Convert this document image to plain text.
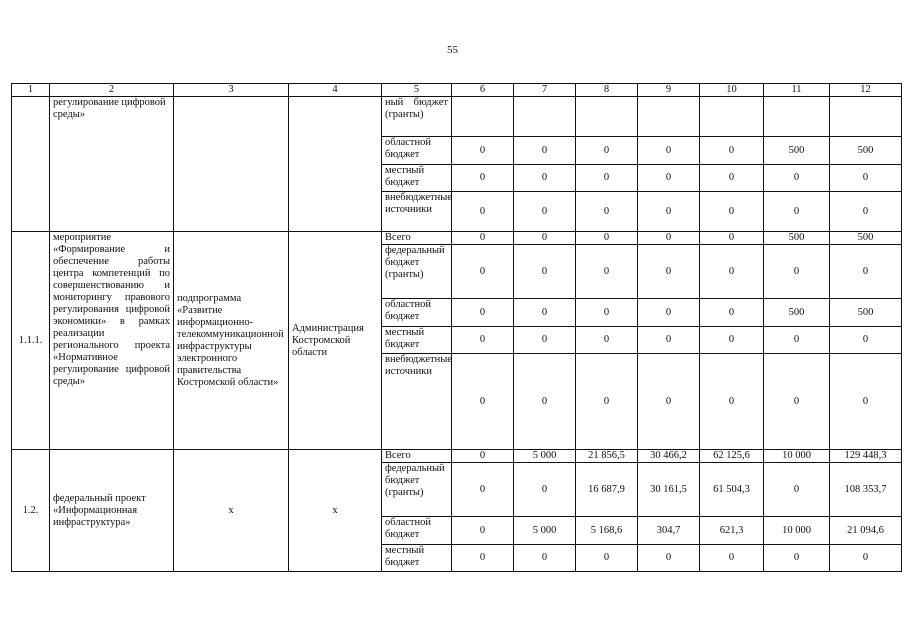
55
1	2	3	4	5	6	7	8	9	10	11	12
	регулирование цифровой среды»			ный бюджет (гранты)							
				областной бюджет	0	0	0	0	0	500	500
				местный бюджет	0	0	0	0	0	0	0
				внебюджетные источники	0	0	0	0	0	0	0
1.1.1.	мероприятие «Формирование и обеспечение работы центра компетенций по совершенствованию и мониторингу правового регулирования цифровой экономики» в рамках реализации регионального проекта «Нормативное регулирование цифровой среды»	подпрограмма «Развитие информационно-телекоммуникационной инфраструктуры электронного правительства Костромской области»	Администрация Костромской области	Всего	0	0	0	0	0	500	500
				федеральный бюджет (гранты)	0	0	0	0	0	0	0
				областной бюджет	0	0	0	0	0	500	500
				местный бюджет	0	0	0	0	0	0	0
				внебюджетные источники	0	0	0	0	0	0	0
1.2.	федеральный проект «Информационная инфраструктура»	х	х	Всего	0	5 000	21 856,5	30 466,2	62 125,6	10 000	129 448,3
				федеральный бюджет (гранты)	0	0	16 687,9	30 161,5	61 504,3	0	108 353,7
				областной бюджет	0	5 000	5 168,6	304,7	621,3	10 000	21 094,6
				местный бюджет	0	0	0	0	0	0	0
